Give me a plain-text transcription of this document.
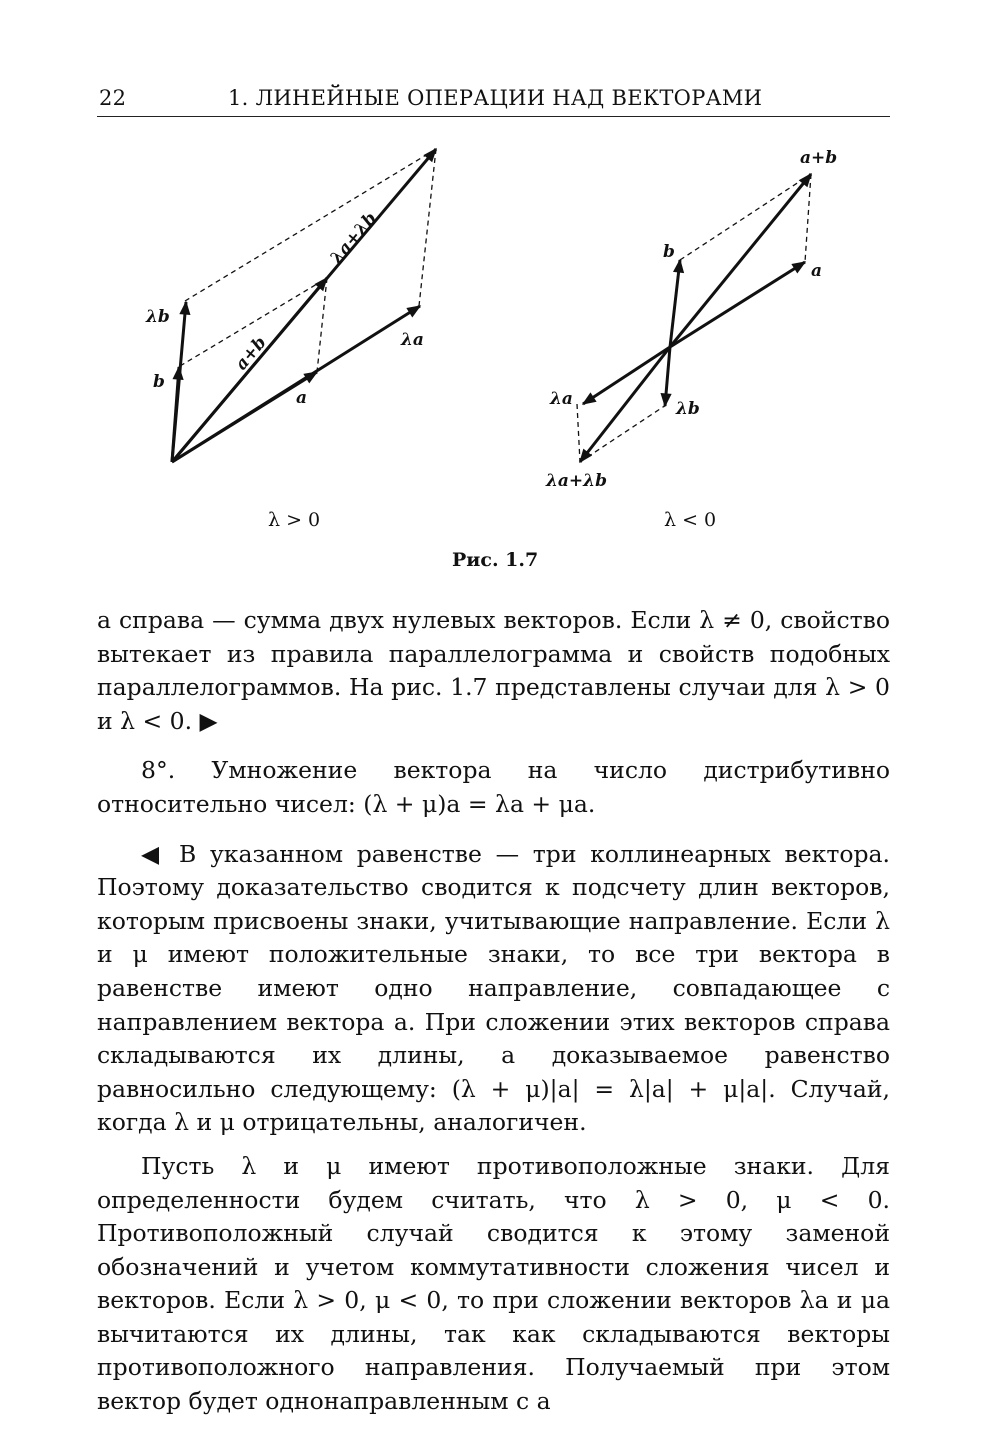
22	1. ЛИНЕЙНЫЕ ОПЕРАЦИИ НАД ВЕКТОРАМИ
λb
b
a+b
a
λa
λa+λb
a+b
b
a
λa	λb
λa+λb
λ > 0	λ < 0
Рис. 1.7

а справа — сумма двух нулевых векторов. Если λ ≠ 0, свойство вытекает из правила параллелограмма и свойств подобных параллелограммов. На рис. 1.7 представлены случаи для λ > 0 и λ < 0. ▶

8°. Умножение вектора на число дистрибутивно относительно чисел: (λ + μ)a = λa + μa.

◀ В указанном равенстве — три коллинеарных вектора. Поэтому доказательство сводится к подсчету длин векторов, которым присвоены знаки, учитывающие направление. Если λ и μ имеют положительные знаки, то все три вектора в равенстве имеют одно направление, совпадающее с направлением вектора a. При сложении этих векторов справа складываются их длины, а доказываемое равенство равносильно следующему: (λ + μ)|a| = λ|a| + μ|a|. Случай, когда λ и μ отрицательны, аналогичен.

Пусть λ и μ имеют противоположные знаки. Для определенности будем считать, что λ > 0, μ < 0. Противоположный случай сводится к этому заменой обозначений и учетом коммутативности сложения чисел и векторов. Если λ > 0, μ < 0, то при сложении векторов λa и μa вычитаются их длины, так как складываются векторы противоположного направления. Получаемый при этом вектор будет однонаправленным с a
